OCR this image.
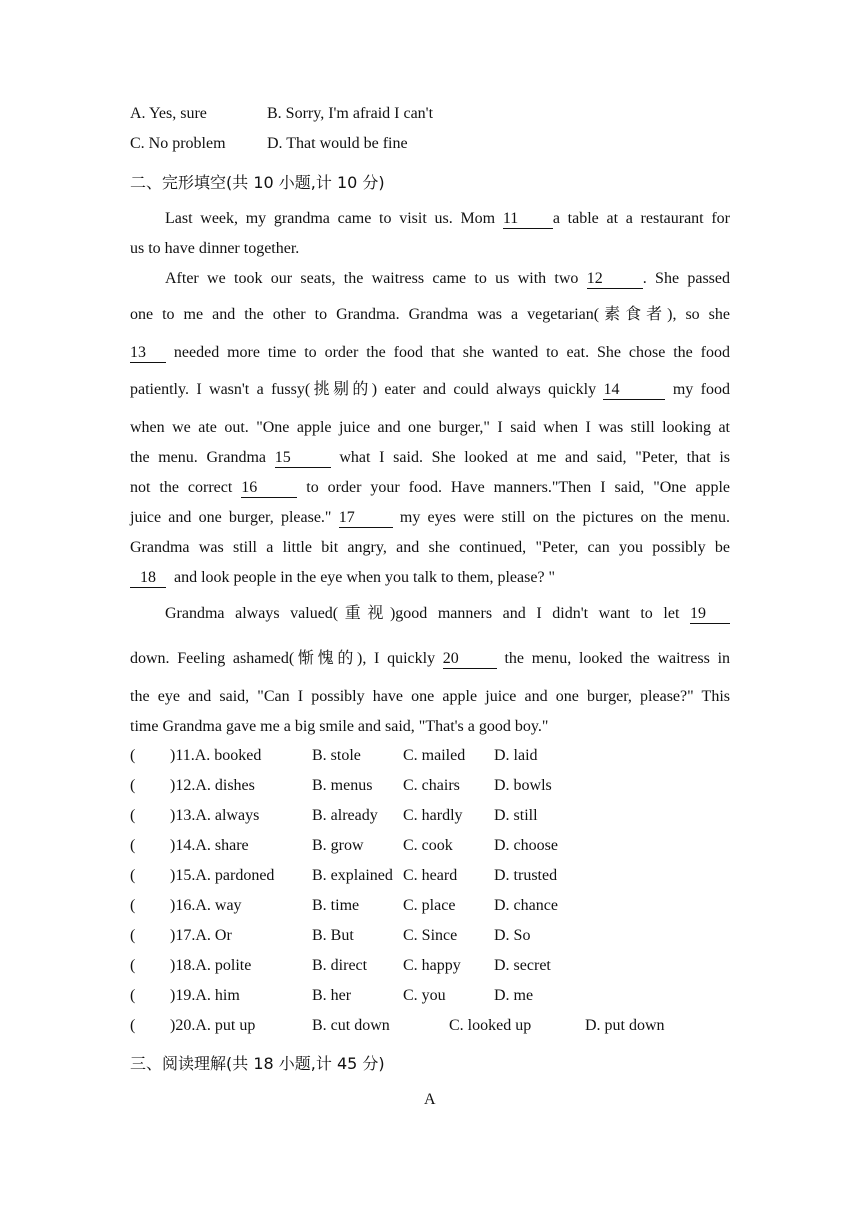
A. Yes, sure	B. Sorry, I'm afraid I can't
C. No problem	D. That would be fine
二、完形填空(共 10 小题,计 10 分)
Last week, my grandma came to visit us. Mom 11 a table at a restaurant for
us to have dinner together.
After we took our seats, the waitress came to us with two 12	. She passed
one to me and the other to Grandma. Grandma was a vegetarian(素食者), so she
13 needed more time to order the food that she wanted to eat. She chose the food
patiently. I wasn't a fussy(挑剔的) eater and could always quickly 14	my food
when we ate out. "One apple juice and one burger," I said when I was still looking at
the menu. Grandma 15	what I said. She looked at me and said, "Peter, that is
not the correct 16	to order your food. Have manners."Then I said, "One apple
juice and one burger, please." 17	my eyes were still on the pictures on the menu.
Grandma was still a little bit angry, and she continued, "Peter, can you possibly be
18 and look people in the eye when you talk to them, please? "
Grandma always valued(重视)good manners and I didn't want to let 19
down. Feeling ashamed(惭愧的), I quickly 20	the menu, looked the waitress in
the eye and said, "Can I possibly have one apple juice and one burger, please?" This
time Grandma gave me a big smile and said, "That's a good boy."
( )11.A. booked	B. stole	C. mailed D. laid
( )12.A. dishes	B. menus C. chairs D. bowls
( )13.A. always	B. already C. hardly D. still
( )14.A. share	B. grow C. cook	D. choose
( )15.A. pardoned B. explained C. heard D. trusted
( )16.A. way	B. time	C. place D. chance
( )17.A. Or	B. But	C. Since D. So
( )18.A. polite	B. direct C. happy D. secret
( )19.A. him	B. her	C. you	D. me
( )20.A. put up	B. cut down	C. looked up	D. put down
三、阅读理解(共 18 小题,计 45 分)
A
